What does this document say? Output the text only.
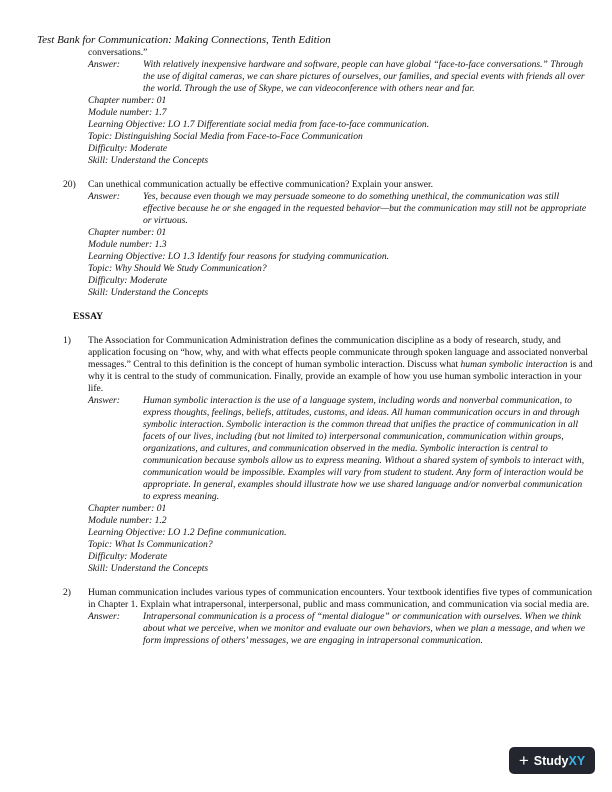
Test Bank for Communication: Making Connections, Tenth Edition
conversations.”
Answer:	With relatively inexpensive hardware and software, people can have global “face-to-face conversations.” Through the use of digital cameras, we can share pictures of ourselves, our families, and special events with friends all over the world. Through the use of Skype, we can videoconference with others near and far.
Chapter number: 01
Module number: 1.7
Learning Objective: LO 1.7 Differentiate social media from face-to-face communication.
Topic: Distinguishing Social Media from Face-to-Face Communication
Difficulty: Moderate
Skill: Understand the Concepts
20)	Can unethical communication actually be effective communication? Explain your answer.
Answer:	Yes, because even though we may persuade someone to do something unethical, the communication was still effective because he or she engaged in the requested behavior—but the communication may still not be appropriate or virtuous.
Chapter number: 01
Module number: 1.3
Learning Objective: LO 1.3 Identify four reasons for studying communication.
Topic: Why Should We Study Communication?
Difficulty: Moderate
Skill: Understand the Concepts
ESSAY
1)	The Association for Communication Administration defines the communication discipline as a body of research, study, and application focusing on “how, why, and with what effects people communicate through spoken language and associated nonverbal messages.” Central to this definition is the concept of human symbolic interaction. Discuss what human symbolic interaction is and why it is central to the study of communication. Finally, provide an example of how you use human symbolic interaction in your life.
Answer:	Human symbolic interaction is the use of a language system, including words and nonverbal communication, to express thoughts, feelings, beliefs, attitudes, customs, and ideas. All human communication occurs in and through symbolic interaction. Symbolic interaction is the common thread that unifies the practice of communication in all facets of our lives, including (but not limited to) interpersonal communication, communication within groups, organizations, and cultures, and communication observed in the media. Symbolic interaction is central to communication because symbols allow us to express meaning. Without a shared system of symbols to interact with, communication would be impossible. Examples will vary from student to student. Any form of interaction would be appropriate. In general, examples should illustrate how we use shared language and/or nonverbal communication to express meaning.
Chapter number: 01
Module number: 1.2
Learning Objective: LO 1.2 Define communication.
Topic: What Is Communication?
Difficulty: Moderate
Skill: Understand the Concepts
2)	Human communication includes various types of communication encounters. Your textbook identifies five types of communication in Chapter 1. Explain what intrapersonal, interpersonal, public and mass communication, and communication via social media are.
Answer:	Intrapersonal communication is a process of “mental dialogue” or communication with ourselves. When we think about what we perceive, when we monitor and evaluate our own behaviors, when we plan a message, and when we form impressions of others’ messages, we are engaging in intrapersonal communication.
+ Study XY
